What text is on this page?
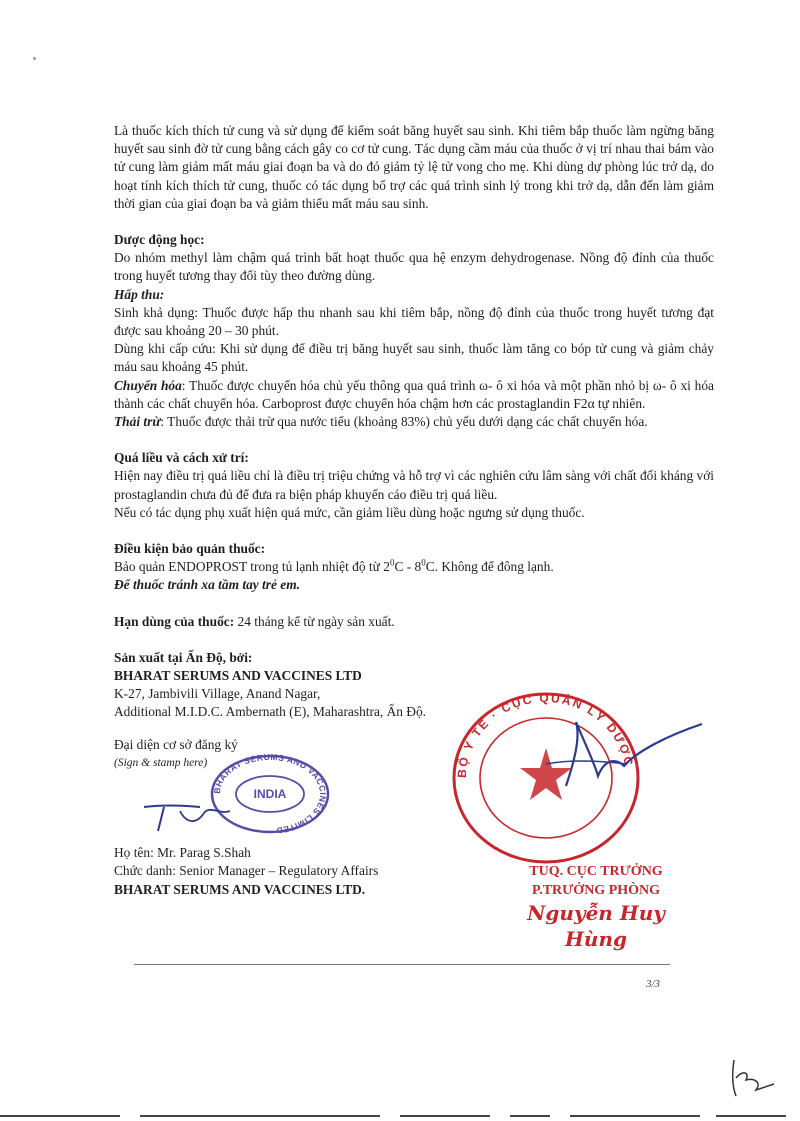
Là thuốc kích thích tử cung và sử dụng để kiểm soát băng huyết sau sinh. Khi tiêm bắp thuốc làm ngừng băng huyết sau sinh đờ tử cung bằng cách gây co cơ tử cung. Tác dụng cầm máu của thuốc ở vị trí nhau thai bám vào tử cung làm giảm mất máu giai đoạn ba và do đó giảm tỷ lệ tử vong cho mẹ. Khi dùng dự phòng lúc trở dạ, do hoạt tính kích thích tử cung, thuốc có tác dụng bổ trợ các quá trình sinh lý trong khi trở dạ, dẫn đến làm giảm thời gian của giai đoạn ba và giảm thiểu mất máu sau sinh.

Dược động học:

Do nhóm methyl làm chậm quá trình bất hoạt thuốc qua hệ enzym dehydrogenase. Nồng độ đỉnh của thuốc trong huyết tương thay đổi tùy theo đường dùng.

Hấp thu:

Sinh khả dụng: Thuốc được hấp thu nhanh sau khi tiêm bắp, nồng độ đỉnh của thuốc trong huyết tương đạt được sau khoảng 20 – 30 phút.

Dùng khi cấp cứu: Khi sử dụng để điều trị băng huyết sau sinh, thuốc làm tăng co bóp tử cung và giảm chảy máu sau khoảng 45 phút.

Chuyển hóa: Thuốc được chuyển hóa chủ yếu thông qua quá trình ω- ô xi hóa và một phần nhỏ bị ω- ô xi hóa thành các chất chuyển hóa. Carboprost được chuyển hóa chậm hơn các prostaglandin F2α tự nhiên.

Thải trừ: Thuốc được thải trừ qua nước tiểu (khoảng 83%) chủ yếu dưới dạng các chất chuyển hóa.

Quá liều và cách xử trí:

Hiện nay điều trị quá liều chỉ là điều trị triệu chứng và hỗ trợ vì các nghiên cứu lâm sàng với chất đối kháng với prostaglandin chưa đủ để đưa ra biện pháp khuyến cáo điều trị quá liều.

Nếu có tác dụng phụ xuất hiện quá mức, cần giảm liều dùng hoặc ngưng sử dụng thuốc.

Điều kiện bảo quản thuốc:

Bảo quản ENDOPROST trong tủ lạnh nhiệt độ từ $2^0C - 8^0C$. Không để đông lạnh.

Để thuốc tránh xa tầm tay trẻ em.

Hạn dùng của thuốc: 24 tháng kể từ ngày sản xuất.

Sản xuất tại Ấn Độ, bởi:

BHARAT SERUMS AND VACCINES LTD

K-27, Jambivili Village, Anand Nagar,

Additional M.I.D.C. Ambernath (E), Maharashtra, Ấn Độ.

Đại diện cơ sở đăng ký

(Sign & stamp here)

Họ tên: Mr. Parag S.Shah

Chức danh: Senior Manager – Regulatory Affairs

BHARAT SERUMS AND VACCINES LTD.

BHARAT SERUMS AND VACCINES LIMITED
INDIA
BỘ Y TẾ · CỤC QUẢN LÝ DƯỢC
TUQ. CỤC TRƯỞNG
P.TRƯỞNG PHÒNG
Nguyễn Huy Hùng
3/3
